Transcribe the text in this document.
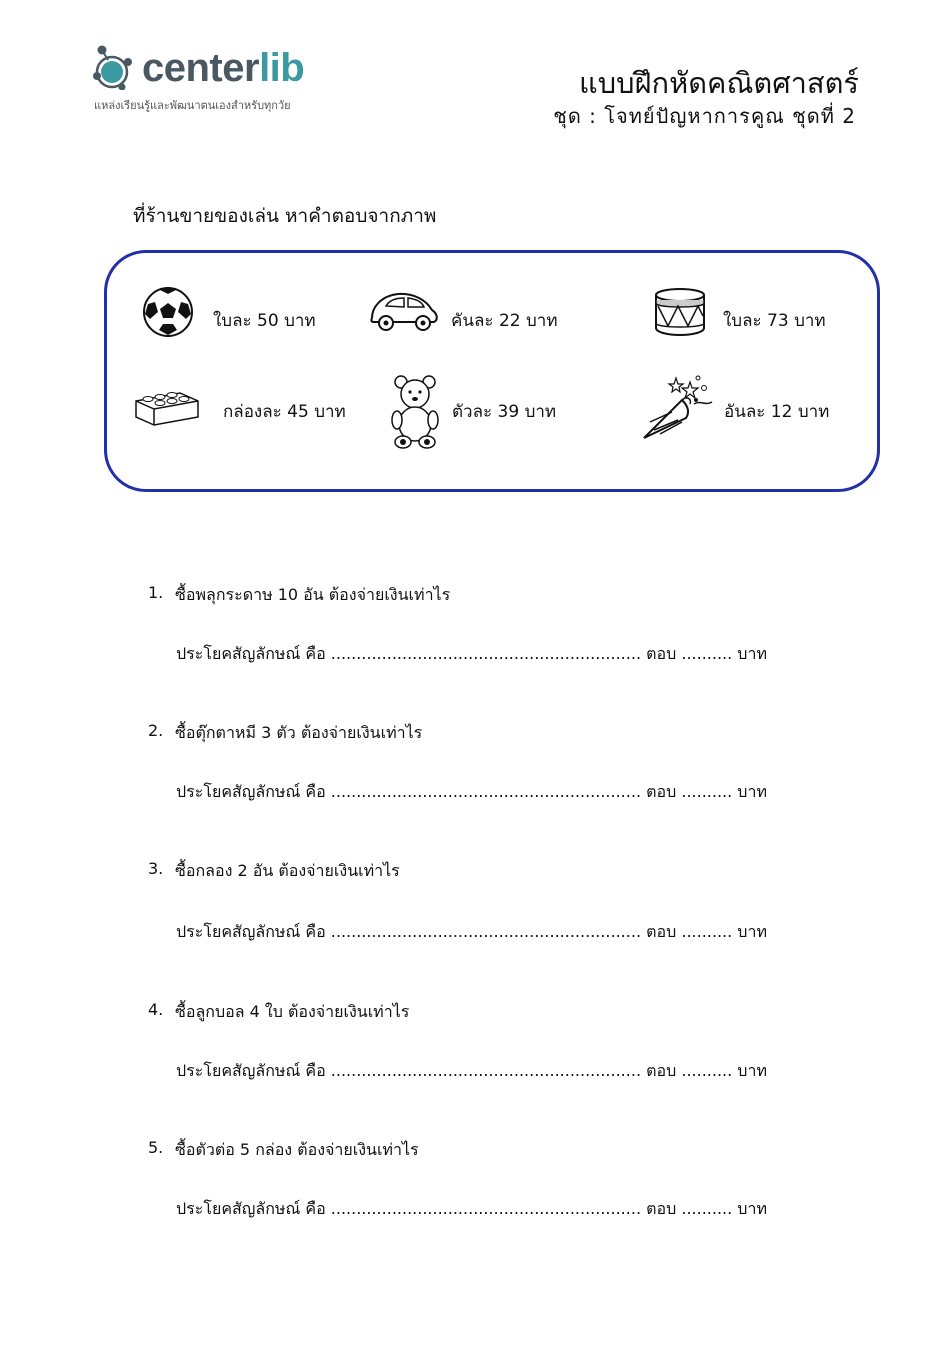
centerlib
แหล่งเรียนรู้และพัฒนาตนเองสำหรับทุกวัย
แบบฝึกหัดคณิตศาสตร์
ชุด : โจทย์ปัญหาการคูณ ชุดที่ 2
ที่ร้านขายของเล่น หาคำตอบจากภาพ
ใบละ 50 บาท	คันละ 22 บาท	ใบละ 73 บาท
กล่องละ 45 บาท	ตัวละ 39 บาท	อันละ 12 บาท
1. ซื้อพลุกระดาษ 10 อัน ต้องจ่ายเงินเท่าไร
ประโยคสัญลักษณ์ คือ ............................................................. ตอบ .......... บาท
2. ซื้อตุ๊กตาหมี 3 ตัว ต้องจ่ายเงินเท่าไร
ประโยคสัญลักษณ์ คือ ............................................................. ตอบ .......... บาท
3. ซื้อกลอง 2 อัน ต้องจ่ายเงินเท่าไร
ประโยคสัญลักษณ์ คือ ............................................................. ตอบ .......... บาท
4. ซื้อลูกบอล 4 ใบ ต้องจ่ายเงินเท่าไร
ประโยคสัญลักษณ์ คือ ............................................................. ตอบ .......... บาท
5. ซื้อตัวต่อ 5 กล่อง ต้องจ่ายเงินเท่าไร
ประโยคสัญลักษณ์ คือ ............................................................. ตอบ .......... บาท
